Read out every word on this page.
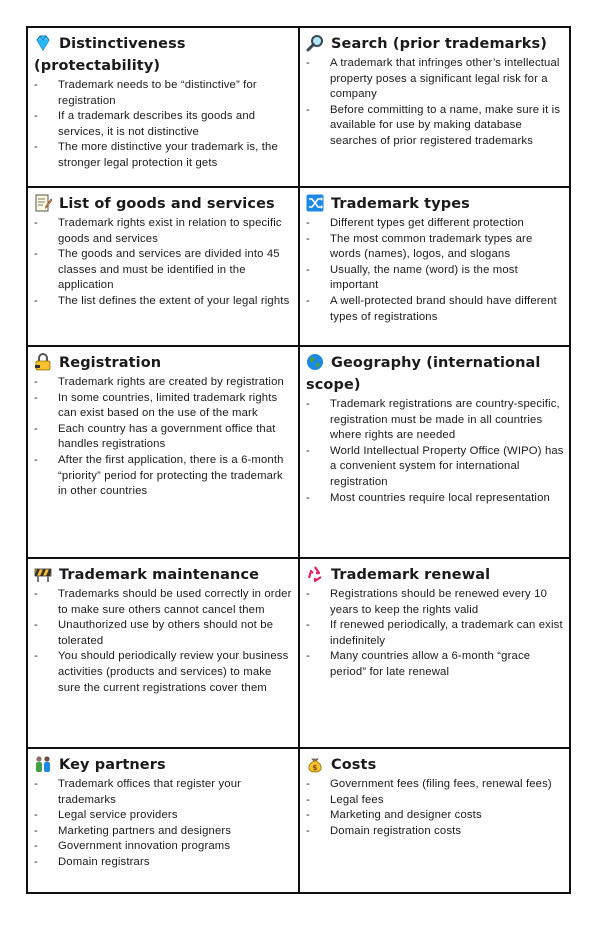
Distinctiveness (protectability)
- Trademark needs to be “distinctive” for registration
- If a trademark describes its goods and services, it is not distinctive
- The more distinctive your trademark is, the stronger legal protection it gets
Search (prior trademarks)
- A trademark that infringes other’s intellectual property poses a significant legal risk for a company
- Before committing to a name, make sure it is available for use by making database searches of prior registered trademarks
List of goods and services
- Trademark rights exist in relation to specific goods and services
- The goods and services are divided into 45 classes and must be identified in the application
- The list defines the extent of your legal rights
Trademark types
- Different types get different protection
- The most common trademark types are words (names), logos, and slogans
- Usually, the name (word) is the most important
- A well-protected brand should have different types of registrations
Registration
- Trademark rights are created by registration
- In some countries, limited trademark rights can exist based on the use of the mark
- Each country has a government office that handles registrations
- After the first application, there is a 6-month “priority” period for protecting the trademark in other countries
Geography (international scope)
- Trademark registrations are country-specific, registration must be made in all countries where rights are needed
- World Intellectual Property Office (WIPO) has a convenient system for international registration
- Most countries require local representation
Trademark maintenance
- Trademarks should be used correctly in order to make sure others cannot cancel them
- Unauthorized use by others should not be tolerated
- You should periodically review your business activities (products and services) to make sure the current registrations cover them
Trademark renewal
- Registrations should be renewed every 10 years to keep the rights valid
- If renewed periodically, a trademark can exist indefinitely
- Many countries allow a 6-month “grace period” for late renewal
Key partners
- Trademark offices that register your trademarks
- Legal service providers
- Marketing partners and designers
- Government innovation programs
- Domain registrars
$ Costs
- Government fees (filing fees, renewal fees)
- Legal fees
- Marketing and designer costs
- Domain registration costs
